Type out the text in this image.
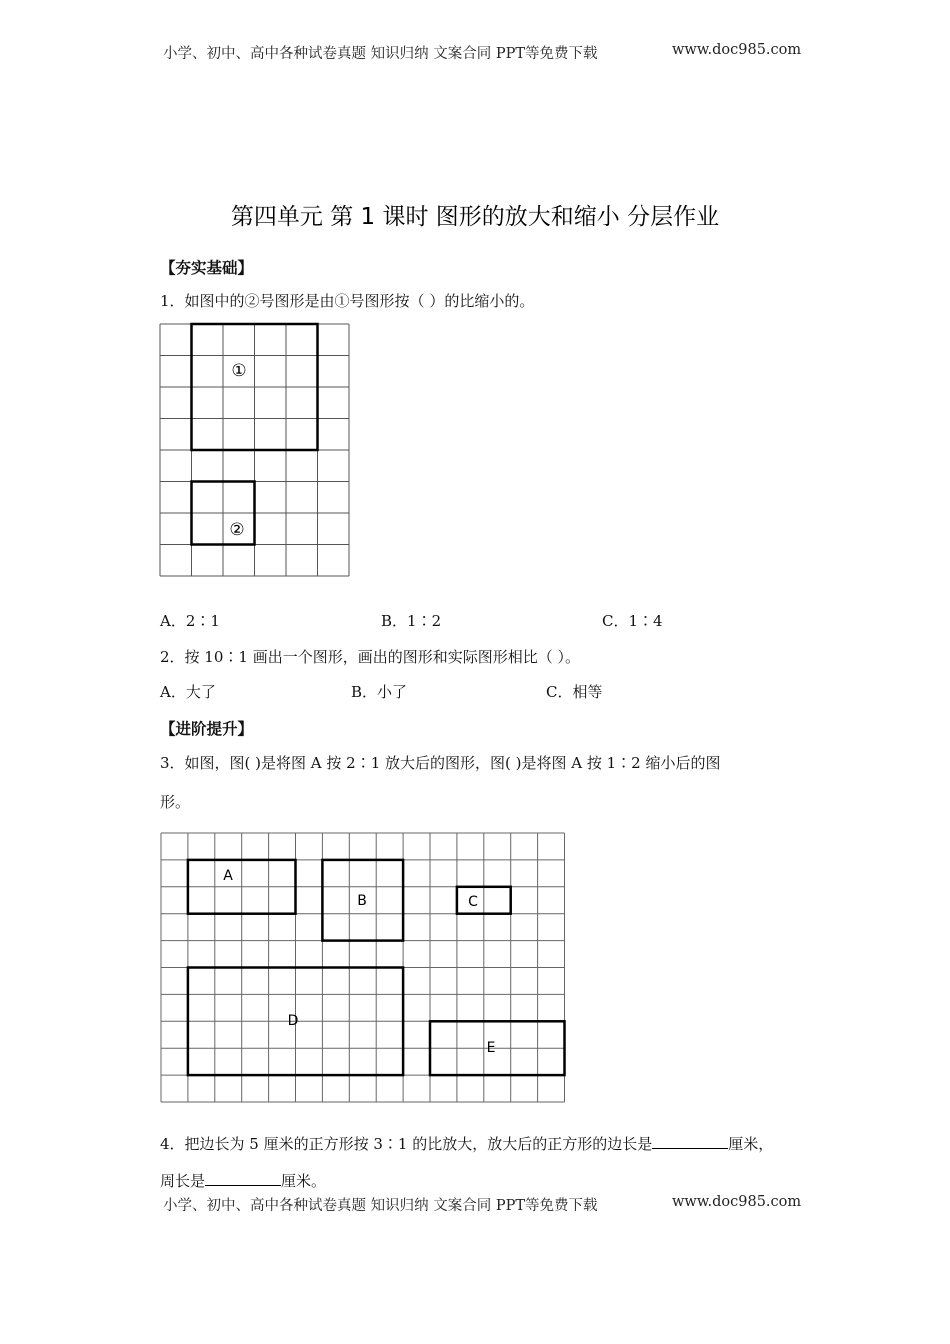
小学、初中、高中各种试卷真题 知识归纳 文案合同 PPT等免费下载	www.doc985.com
第四单元 第 1 课时 图形的放大和缩小 分层作业
【夯实基础】
1．如图中的②号图形是由①号图形按（ ）的比缩小的。
①
②
A．2∶1	B．1∶2	C．1∶4
2．按 10∶1 画出一个图形，画出的图形和实际图形相比（ ）。
A．大了	B．小了	C．相等
【进阶提升】
3．如图，图( )是将图 A 按 2∶1 放大后的图形，图( )是将图 A 按 1∶2 缩小后的图
形。
A
B	C
D
E
4．把边长为 5 厘米的正方形按 3∶1 的比放大，放大后的正方形的边长是	厘米，
周长是	厘米。
小学、初中、高中各种试卷真题 知识归纳 文案合同 PPT等免费下载	www.doc985.com
